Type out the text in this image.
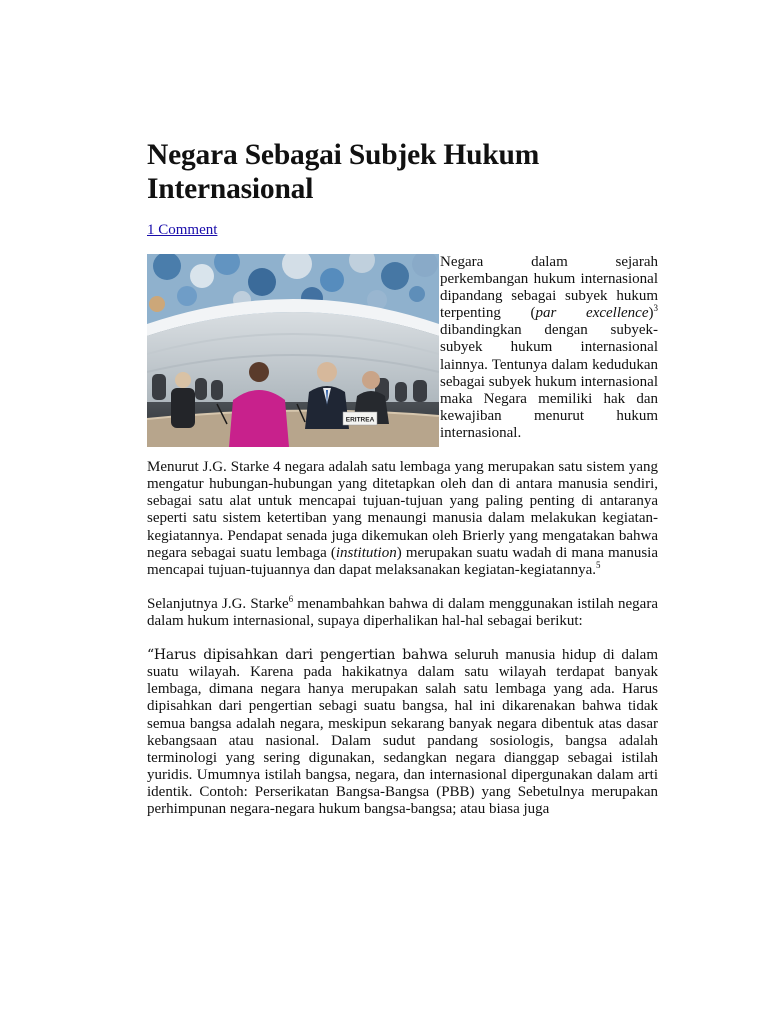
Negara Sebagai Subjek Hukum Internasional
1 Comment

ERITREA
Negara dalam sejarah perkembangan hukum internasional dipandang sebagai subyek hukum terpenting (par excellence)$^3$ dibandingkan dengan subyek-subyek hukum internasional lainnya. Tentunya dalam kedudukan sebagai subyek hukum internasional maka Negara memiliki hak dan kewajiban menurut hukum internasional.

Menurut J.G. Starke 4 negara adalah satu lembaga yang merupakan satu sistem yang mengatur hubungan-hubungan yang ditetapkan oleh dan di antara manusia sendiri, sebagai satu alat untuk mencapai tujuan-tujuan yang paling penting di antaranya seperti satu sistem ketertiban yang menaungi manusia dalam melakukan kegiatan-kegiatannya. Pendapat senada juga dikemukan oleh Brierly yang mengatakan bahwa negara sebagai suatu lembaga (institution) merupakan suatu wadah di mana manusia mencapai tujuan-tujuannya dan dapat melaksanakan kegiatan-kegiatannya.$^5$

Selanjutnya J.G. Starke$^6$ menambahkan bahwa di dalam menggunakan istilah negara dalam hukum internasional, supaya diperhalikan hal-hal sebagai berikut:

“Harus dipisahkan dari pengertian bahwa seluruh manusia hidup di dalam suatu wilayah. Karena pada hakikatnya dalam satu wilayah terdapat banyak lembaga, dimana negara hanya merupakan salah satu lembaga yang ada. Harus dipisahkan dari pengertian sebagi suatu bangsa, hal ini dikarenakan bahwa tidak semua bangsa adalah negara, meskipun sekarang banyak negara dibentuk atas dasar kebangsaan atau nasional. Dalam sudut pandang sosiologis, bangsa adalah terminologi yang sering digunakan, sedangkan negara dianggap sebagai istilah yuridis. Umumnya istilah bangsa, negara, dan internasional dipergunakan dalam arti identik. Contoh: Perserikatan Bangsa-Bangsa (PBB) yang Sebetulnya merupakan perhimpunan negara-negara hukum bangsa-bangsa; atau biasa juga
